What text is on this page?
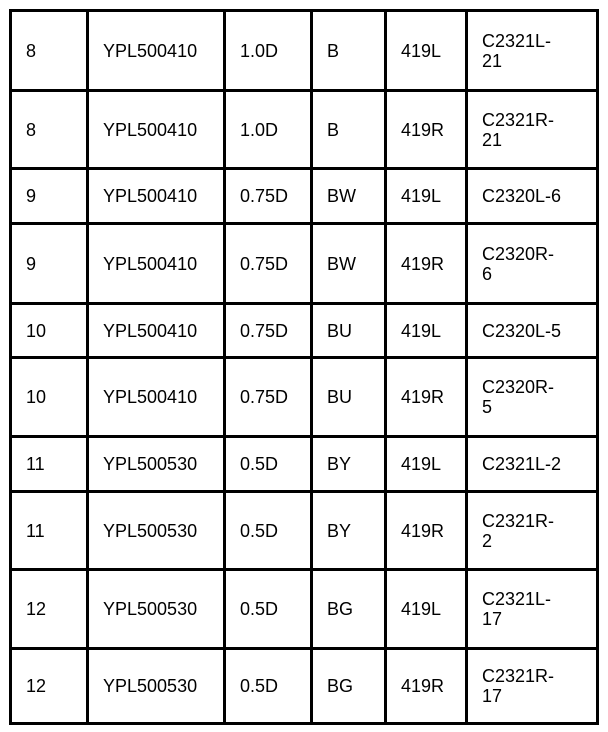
8	YPL500410	1.0D	B	419L	C2321L-
21

8	YPL500410	1.0D	B	419R	C2321R-
21

9	YPL500410	0.75D	BW	419L	C2320L-6

9	YPL500410	0.75D	BW	419R	C2320R-
6

10	YPL500410	0.75D	BU	419L	C2320L-5

10	YPL500410	0.75D	BU	419R	C2320R-
5

11	YPL500530	0.5D	BY	419L	C2321L-2

11	YPL500530	0.5D	BY	419R	C2321R-
2

12	YPL500530	0.5D	BG	419L	C2321L-
17

12	YPL500530	0.5D	BG	419R	C2321R-
17
